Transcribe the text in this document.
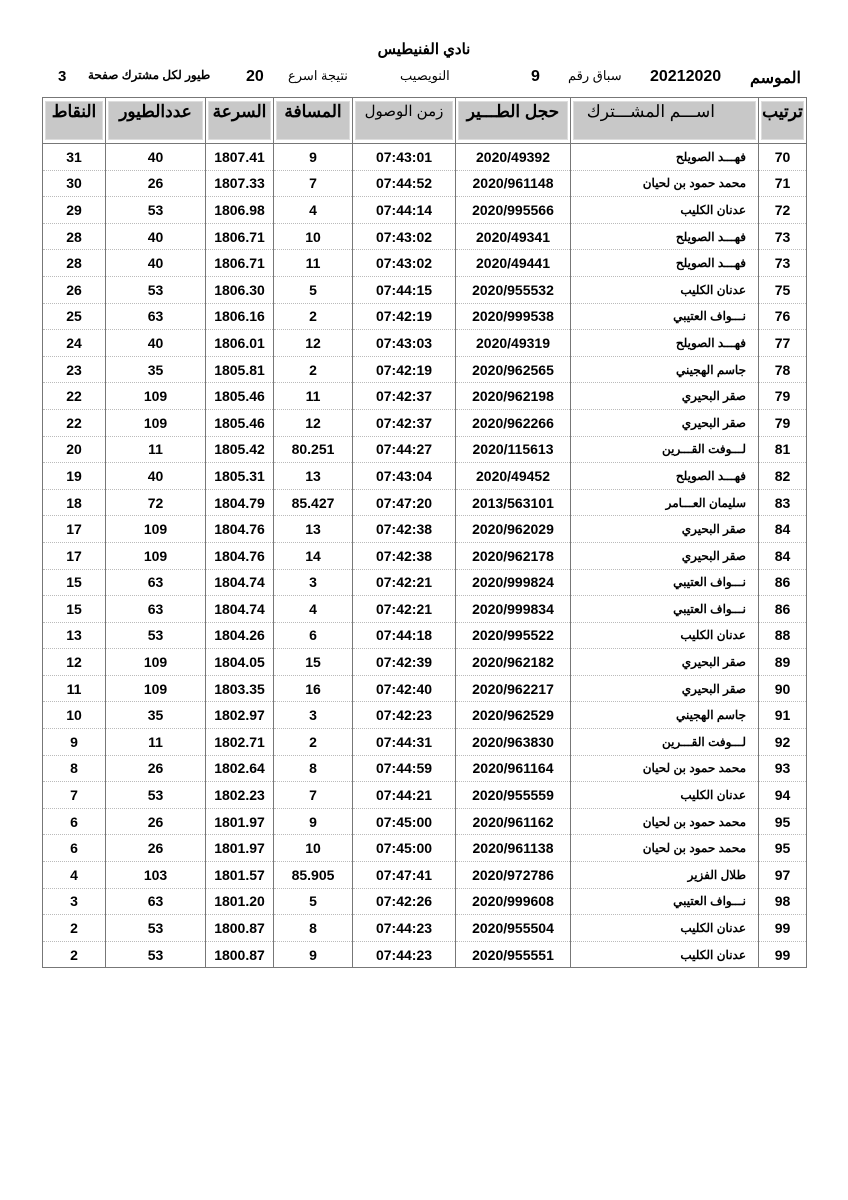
نادي الفنيطيس
الموسم
20212020
سباق رقم
9
النويصيب
نتيجة اسرع
20
طيور لكل مشترك صفحة
3
النقاط	عددالطيور	السرعة	المسافة	زمن الوصول	حجل الطـــير	اســـم المشـــترك	ترتيب

31	40	1807.41	9	07:43:01	2020/49392	فهـــد الصويلح	70
30	26	1807.33	7	07:44:52	2020/961148	محمد حمود بن لحيان	71
29	53	1806.98	4	07:44:14	2020/995566	عدنان الكليب	72
28	40	1806.71	10	07:43:02	2020/49341	فهـــد الصويلح	73
28	40	1806.71	11	07:43:02	2020/49441	فهـــد الصويلح	73
26	53	1806.30	5	07:44:15	2020/955532	عدنان الكليب	75
25	63	1806.16	2	07:42:19	2020/999538	نـــواف العتيبي	76
24	40	1806.01	12	07:43:03	2020/49319	فهـــد الصويلح	77
23	35	1805.81	2	07:42:19	2020/962565	جاسم الهجيني	78
22	109	1805.46	11	07:42:37	2020/962198	صقر البحيري	79
22	109	1805.46	12	07:42:37	2020/962266	صقر البحيري	79
20	11	1805.42	80.251	07:44:27	2020/115613	لـــوفت القـــرين	81
19	40	1805.31	13	07:43:04	2020/49452	فهـــد الصويلح	82
18	72	1804.79	85.427	07:47:20	2013/563101	سليمان العـــامر	83
17	109	1804.76	13	07:42:38	2020/962029	صقر البحيري	84
17	109	1804.76	14	07:42:38	2020/962178	صقر البحيري	84
15	63	1804.74	3	07:42:21	2020/999824	نـــواف العتيبي	86
15	63	1804.74	4	07:42:21	2020/999834	نـــواف العتيبي	86
13	53	1804.26	6	07:44:18	2020/995522	عدنان الكليب	88
12	109	1804.05	15	07:42:39	2020/962182	صقر البحيري	89
11	109	1803.35	16	07:42:40	2020/962217	صقر البحيري	90
10	35	1802.97	3	07:42:23	2020/962529	جاسم الهجيني	91
9	11	1802.71	2	07:44:31	2020/963830	لـــوفت القـــرين	92
8	26	1802.64	8	07:44:59	2020/961164	محمد حمود بن لحيان	93
7	53	1802.23	7	07:44:21	2020/955559	عدنان الكليب	94
6	26	1801.97	9	07:45:00	2020/961162	محمد حمود بن لحيان	95
6	26	1801.97	10	07:45:00	2020/961138	محمد حمود بن لحيان	95
4	103	1801.57	85.905	07:47:41	2020/972786	طلال الفزير	97
3	63	1801.20	5	07:42:26	2020/999608	نـــواف العتيبي	98
2	53	1800.87	8	07:44:23	2020/955504	عدنان الكليب	99
2	53	1800.87	9	07:44:23	2020/955551	عدنان الكليب	99
